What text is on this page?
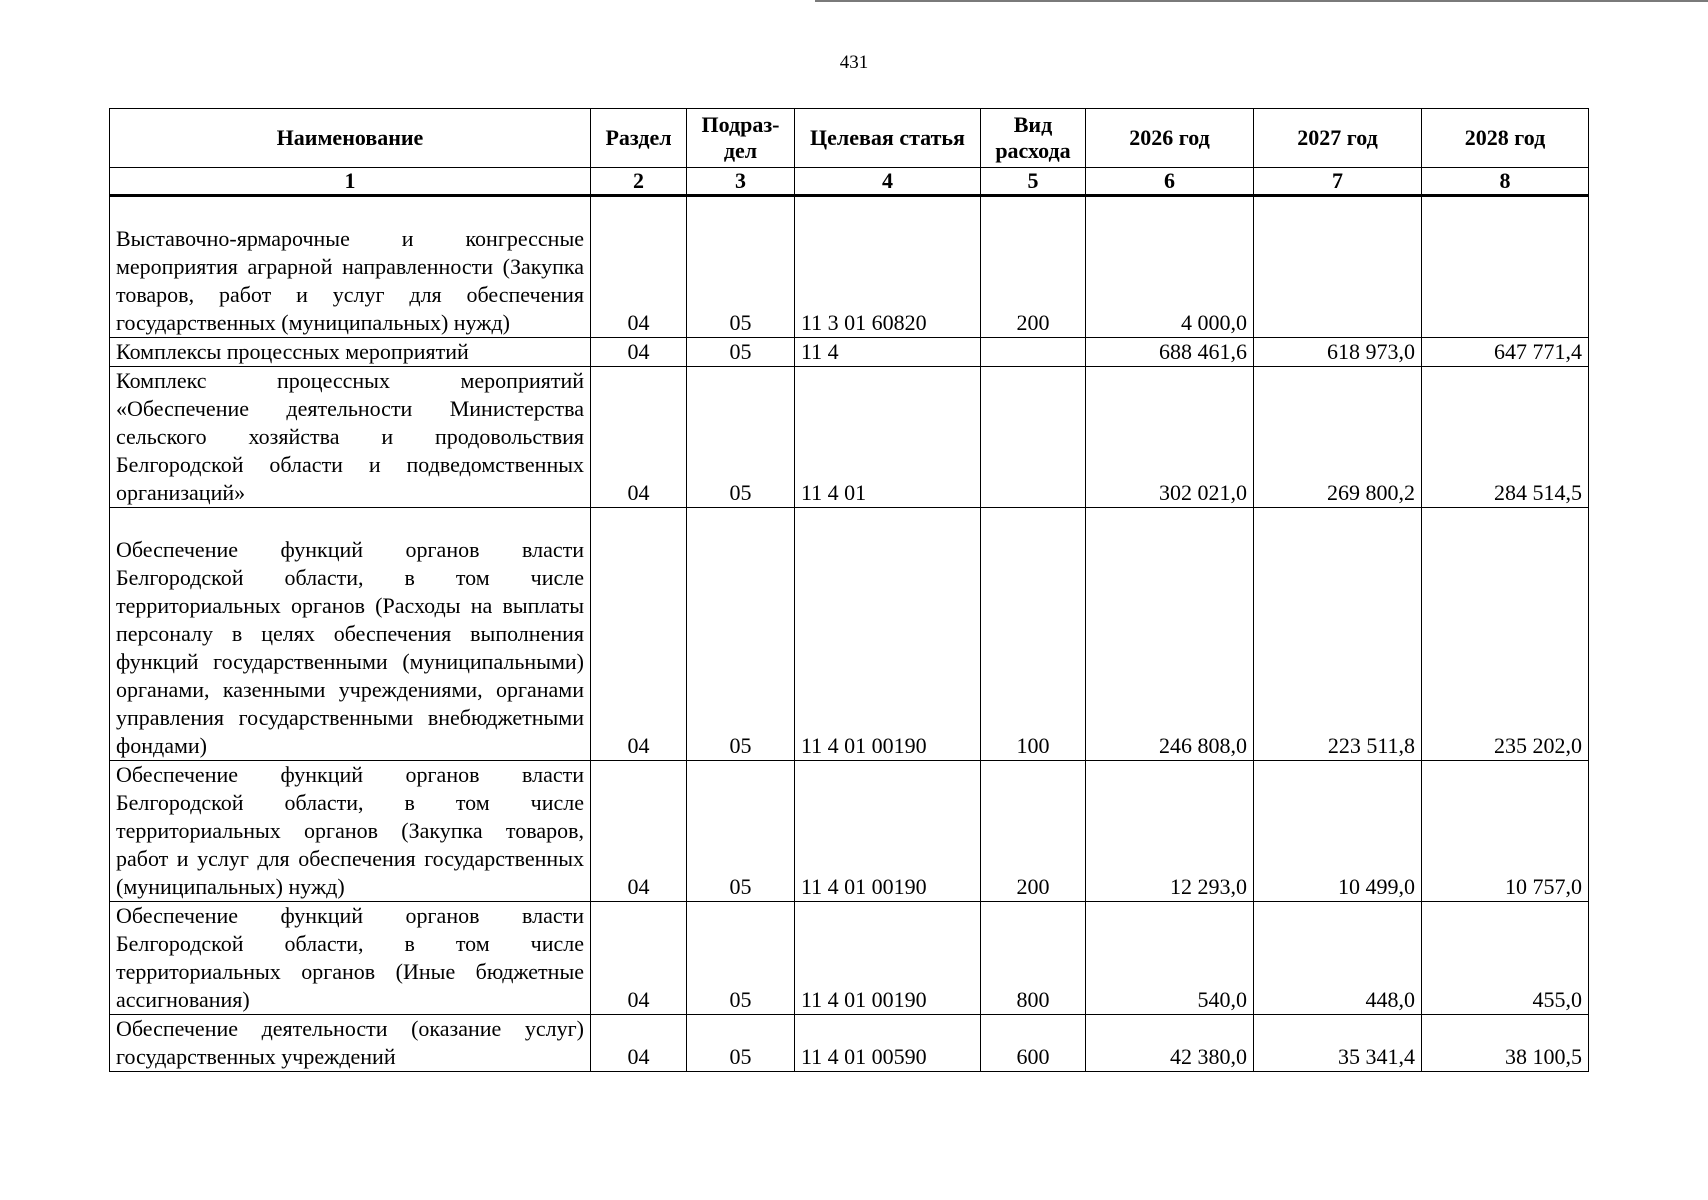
431
Наименование	Раздел	Подраз-дел	Целевая статья	Вид расхода	2026 год	2027 год	2028 год
1	2	3	4	5	6	7	8
Выставочно-ярмарочные и конгрессные мероприятия аграрной направленности (Закупка товаров, работ и услуг для обеспечения государственных (муниципальных) нужд)	04	05	11 3 01 60820	200	4 000,0		
Комплексы процессных мероприятий	04	05	11 4		688 461,6	618 973,0	647 771,4
Комплекс процессных мероприятий «Обеспечение деятельности Министерства сельского хозяйства и продовольствия Белгородской области и подведомственных организаций»	04	05	11 4 01		302 021,0	269 800,2	284 514,5
Обеспечение функций органов власти Белгородской области, в том числе территориальных органов (Расходы на выплаты персоналу в целях обеспечения выполнения функций государственными (муниципальными) органами, казенными учреждениями, органами управления государственными внебюджетными фондами)	04	05	11 4 01 00190	100	246 808,0	223 511,8	235 202,0
Обеспечение функций органов власти Белгородской области, в том числе территориальных органов (Закупка товаров, работ и услуг для обеспечения государственных (муниципальных) нужд)	04	05	11 4 01 00190	200	12 293,0	10 499,0	10 757,0
Обеспечение функций органов власти Белгородской области, в том числе территориальных органов (Иные бюджетные ассигнования)	04	05	11 4 01 00190	800	540,0	448,0	455,0
Обеспечение деятельности (оказание услуг) государственных учреждений	04	05	11 4 01 00590	600	42 380,0	35 341,4	38 100,5
